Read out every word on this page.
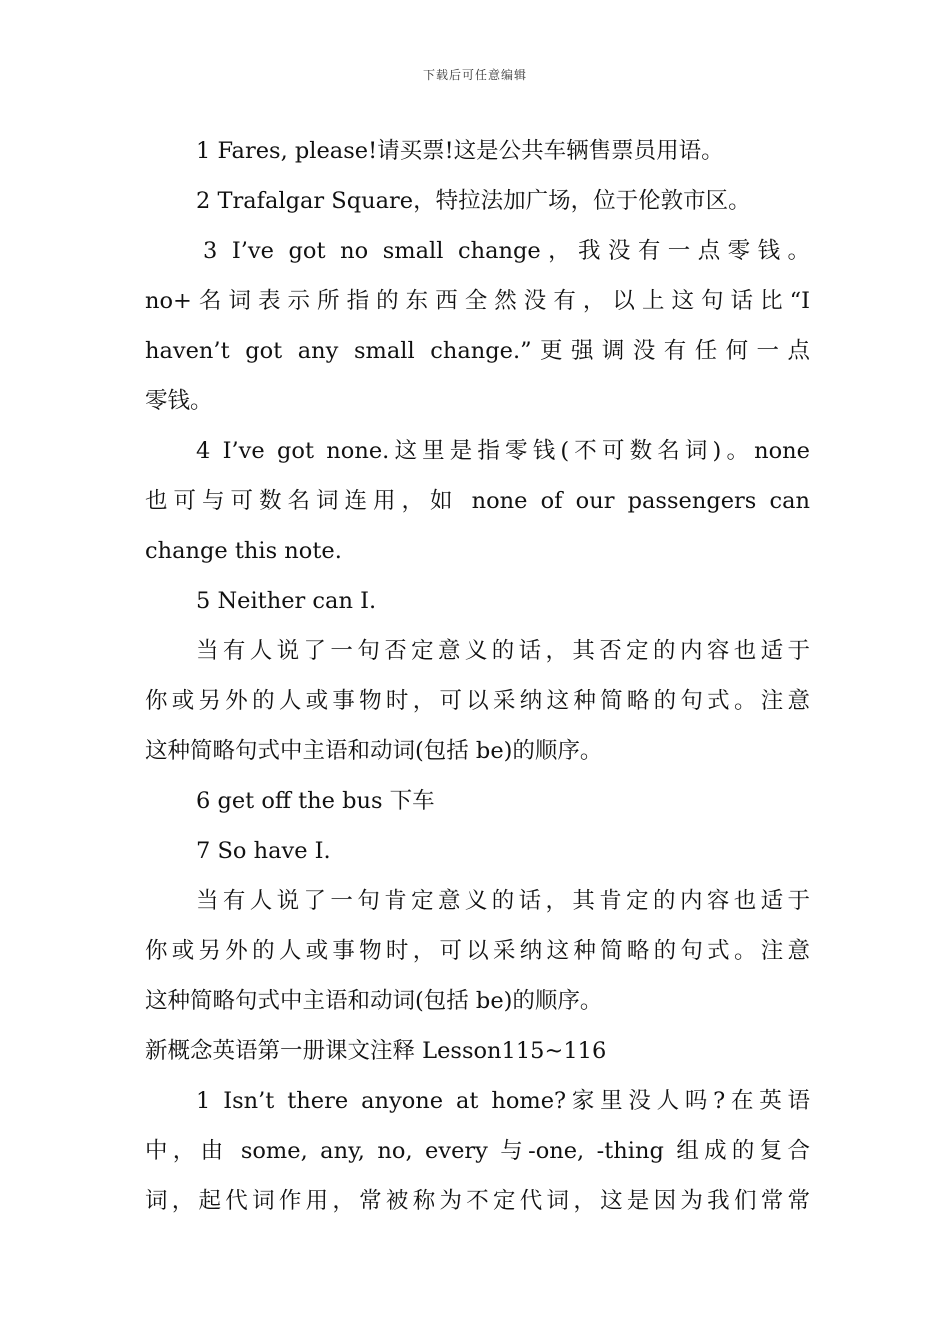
下载后可任意编辑
1 Fares, please!请买票!这是公共车辆售票员用语。
2 Trafalgar Square，特拉法加广场，位于伦敦市区。
3 I’ve got no small change，我没有一点零钱。
no+名词表示所指的东西全然没有，以上这句话比“I
haven’t got any small change.”更强调没有任何一点
零钱。
4 I’ve got none.这里是指零钱(不可数名词)。none
也可与可数名词连用，如 none of our passengers can
change this note.
5 Neither can I.
当有人说了一句否定意义的话，其否定的内容也适于
你或另外的人或事物时，可以采纳这种简略的句式。注意
这种简略句式中主语和动词(包括 be)的顺序。
6 get off the bus 下车
7 So have I.
当有人说了一句肯定意义的话，其肯定的内容也适于
你或另外的人或事物时，可以采纳这种简略的句式。注意
这种简略句式中主语和动词(包括 be)的顺序。
新概念英语第一册课文注释 Lesson115~116
1 Isn’t there anyone at home?家里没人吗?在英语
中，由 some, any, no, every 与-one, -thing 组成的复合
词，起代词作用，常被称为不定代词，这是因为我们常常
